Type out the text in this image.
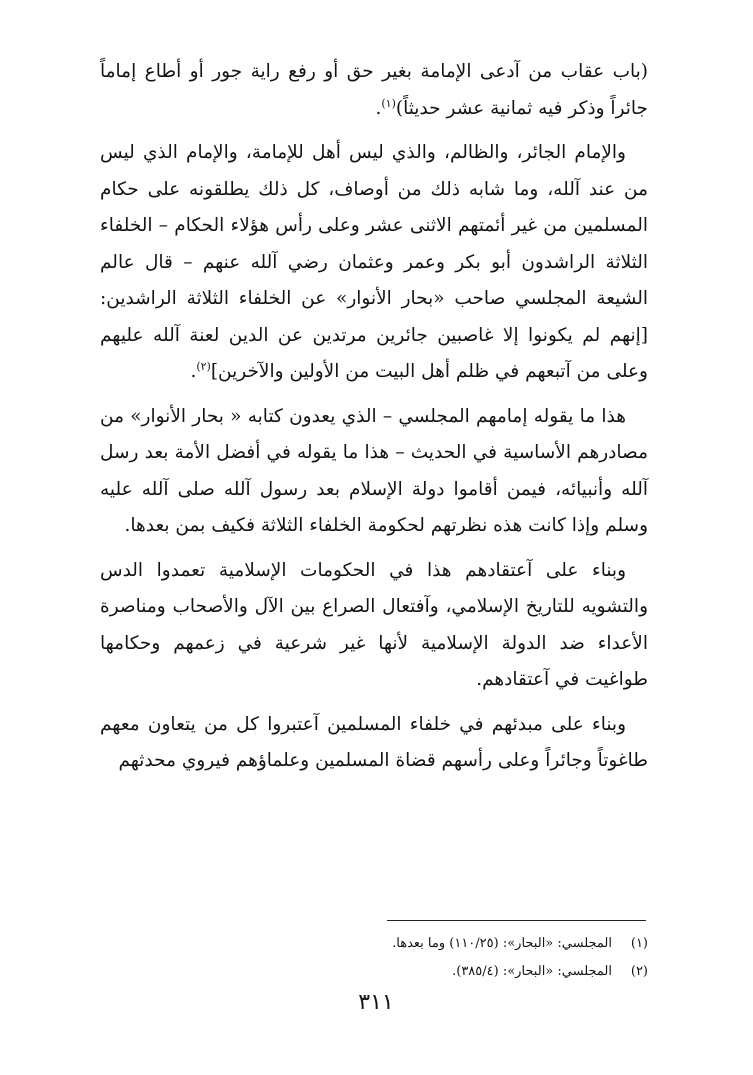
(باب عقاب من آدعى الإمامة بغير حق أو رفع راية جور أو أطاع إماماً جائراً وذكر فيه ثمانية عشر حديثاً)$^{(١)}$.

والإمام الجائر، والظالم، والذي ليس أهل للإمامة، والإمام الذي ليس من عند آلله، وما شابه ذلك من أوصاف، كل ذلك يطلقونه على حكام المسلمين من غير أئمتهم الاثنى عشر وعلى رأس هؤلاء الحكام – الخلفاء الثلاثة الراشدون أبو بكر وعمر وعثمان رضي آلله عنهم – قال عالم الشيعة المجلسي صاحب «بحار الأنوار» عن الخلفاء الثلاثة الراشدين: [إنهم لم يكونوا إلا غاصبين جائرين مرتدين عن الدين لعنة آلله عليهم وعلى من آتبعهم في ظلم أهل البيت من الأولين والآخرين]$^{(٢)}$.

هذا ما يقوله إمامهم المجلسي – الذي يعدون كتابه « بحار الأنوار» من مصادرهم الأساسية في الحديث – هذا ما يقوله في أفضل الأمة بعد رسل آلله وأنبيائه، فيمن أقاموا دولة الإسلام بعد رسول آلله صلى آلله عليه وسلم وإذا كانت هذه نظرتهم لحكومة الخلفاء الثلاثة فكيف بمن بعدها.

وبناء على آعتقادهم هذا في الحكومات الإسلامية تعمدوا الدس والتشويه للتاريخ الإسلامي، وآفتعال الصراع بين الآل والأصحاب ومناصرة الأعداء ضد الدولة الإسلامية لأنها غير شرعية في زعمهم وحكامها طواغيت في آعتقادهم.

وبناء على مبدئهم في خلفاء المسلمين آعتبروا كل من يتعاون معهم طاغوتاً وجائراً وعلى رأسهم قضاة المسلمين وعلماؤهم فيروي محدثهم

(١)
المجلسي: «البحار»: (١١٠/٢٥) وما بعدها.
(٢)
المجلسي: «البحار»: (٣٨٥/٤).
٣١١
